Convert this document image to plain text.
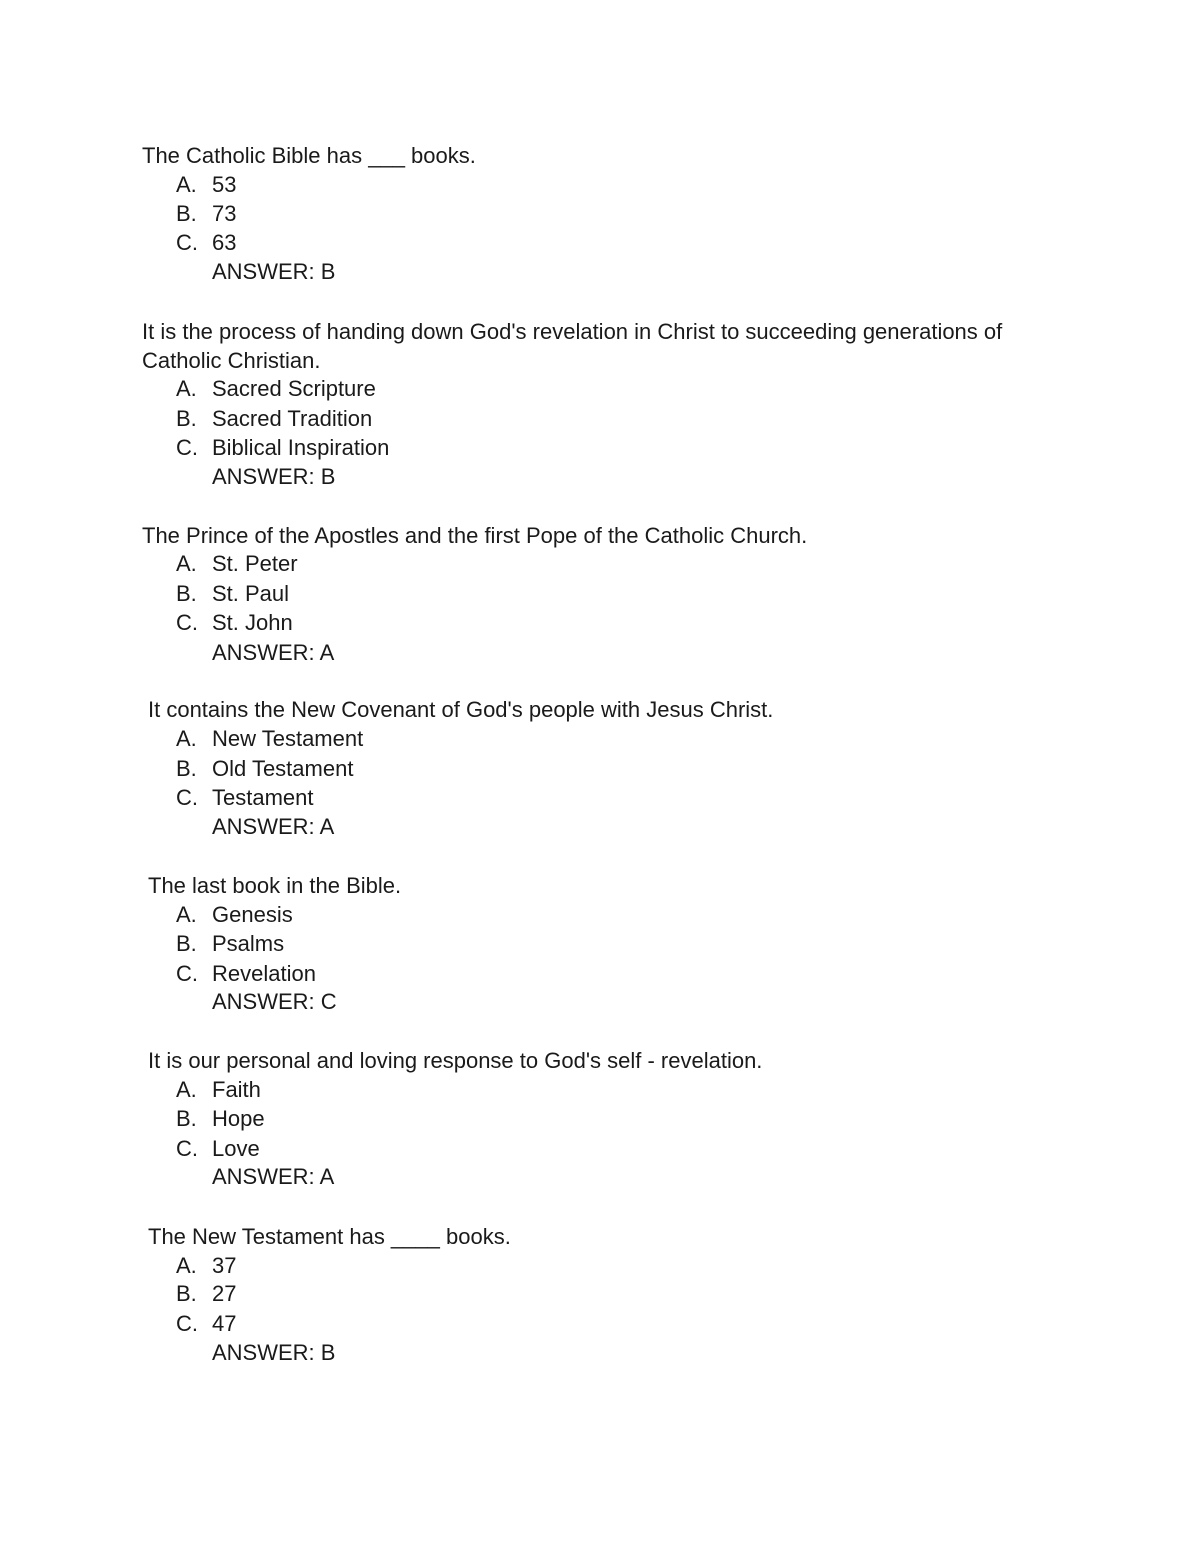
The Catholic Bible has ___ books.
A. 53
B. 73
C. 63
ANSWER: B
It is the process of handing down God's revelation in Christ to succeeding generations of Catholic Christian.
A. Sacred Scripture
B. Sacred Tradition
C. Biblical Inspiration
ANSWER: B
The Prince of the Apostles and the first Pope of the Catholic Church.
A. St. Peter
B. St. Paul
C. St. John
ANSWER: A
It contains the New Covenant of God's people with Jesus Christ.
A. New Testament
B. Old Testament
C. Testament
ANSWER: A
The last book in the Bible.
A. Genesis
B. Psalms
C. Revelation
ANSWER: C
It is our personal and loving response to God's self - revelation.
A. Faith
B. Hope
C. Love
ANSWER: A
The New Testament has ____ books.
A. 37
B. 27
C. 47
ANSWER: B
